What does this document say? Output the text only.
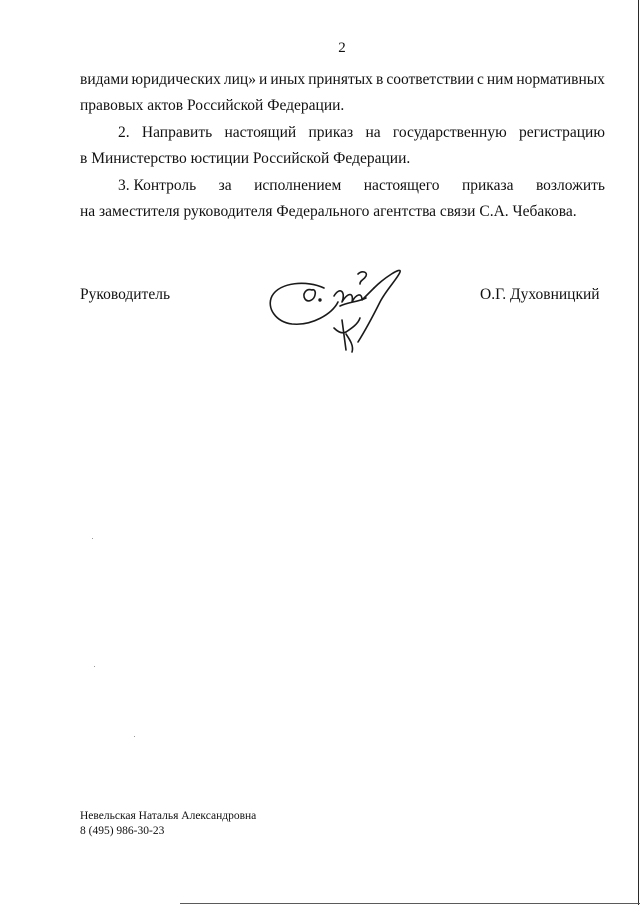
2
видами юридических лиц» и иных принятых в соответствии с ним нормативных
правовых актов Российской Федерации.
2. Направить настоящий приказ на государственную регистрацию
в Министерство юстиции Российской Федерации.
3. Контроль за исполнением настоящего приказа возложить
на заместителя руководителя Федерального агентства связи С.А. Чебакова.
Руководитель	О.Г. Духовницкий
Невельская Наталья Александровна
8 (495) 986-30-23
